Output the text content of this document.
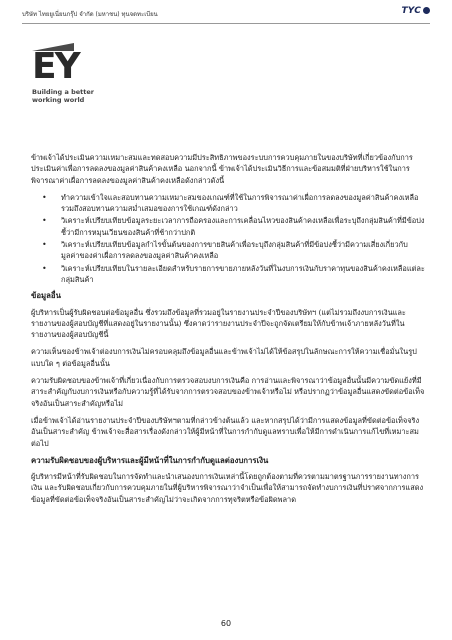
บริษัท ไทยยูเนี่ยนกรุ๊ป จำกัด (มหาชน) ทุนจดทะเบียน	TYC
EY
Building a better
working world

ข้าพเจ้าได้ประเมินความเหมาะสมและทดสอบความมีประสิทธิภาพของระบบการควบคุมภายในของบริษัทที่เกี่ยวข้องกับการประเมินค่าเพื่อการลดลงของมูลค่าสินค้าคงเหลือ นอกจากนี้ ข้าพเจ้าได้ประเมินวิธีการและข้อสมมติที่ฝ่ายบริหารใช้ในการพิจารณาค่าเผื่อการลดลงของมูลค่าสินค้าคงเหลือดังกล่าวดังนี้

• ทำความเข้าใจและสอบทานความเหมาะสมของเกณฑ์ที่ใช้ในการพิจารณาค่าเผื่อการลดลงของมูลค่าสินค้าคงเหลือ รวมถึงสอบทานความสม่ำเสมอของการใช้เกณฑ์ดังกล่าว
• วิเคราะห์เปรียบเทียบข้อมูลระยะเวลาการถือครองและการเคลื่อนไหวของสินค้าคงเหลือเพื่อระบุถึงกลุ่มสินค้าที่มีข้อบ่งชี้ว่ามีการหมุนเวียนของสินค้าที่ช้ากว่าปกติ
• วิเคราะห์เปรียบเทียบข้อมูลกำไรขั้นต้นของการขายสินค้าเพื่อระบุถึงกลุ่มสินค้าที่มีข้อบ่งชี้ว่ามีความเสี่ยงเกี่ยวกับมูลค่าของค่าเผื่อการลดลงของมูลค่าสินค้าคงเหลือ
• วิเคราะห์เปรียบเทียบในรายละเอียดสำหรับรายการขายภายหลังวันที่ในงบการเงินกับราคาทุนของสินค้าคงเหลือแต่ละกลุ่มสินค้า
ข้อมูลอื่น

ผู้บริหารเป็นผู้รับผิดชอบต่อข้อมูลอื่น ซึ่งรวมถึงข้อมูลที่รวมอยู่ในรายงานประจำปีของบริษัทฯ (แต่ไม่รวมถึงงบการเงินและรายงานของผู้สอบบัญชีที่แสดงอยู่ในรายงานนั้น) ซึ่งคาดว่ารายงานประจำปีจะถูกจัดเตรียมให้กับข้าพเจ้าภายหลังวันที่ในรายงานของผู้สอบบัญชีนี้

ความเห็นของข้าพเจ้าต่องบการเงินไม่ครอบคลุมถึงข้อมูลอื่นและข้าพเจ้าไม่ได้ให้ข้อสรุปในลักษณะการให้ความเชื่อมั่นในรูปแบบใด ๆ ต่อข้อมูลอื่นนั้น

ความรับผิดชอบของข้าพเจ้าที่เกี่ยวเนื่องกับการตรวจสอบงบการเงินคือ การอ่านและพิจารณาว่าข้อมูลอื่นนั้นมีความขัดแย้งที่มีสาระสำคัญกับงบการเงินหรือกับความรู้ที่ได้รับจากการตรวจสอบของข้าพเจ้าหรือไม่ หรือปรากฏว่าข้อมูลอื่นแสดงขัดต่อข้อเท็จจริงอันเป็นสาระสำคัญหรือไม่

เมื่อข้าพเจ้าได้อ่านรายงานประจำปีของบริษัทฯตามที่กล่าวข้างต้นแล้ว และหากสรุปได้ว่ามีการแสดงข้อมูลที่ขัดต่อข้อเท็จจริงอันเป็นสาระสำคัญ ข้าพเจ้าจะสื่อสารเรื่องดังกล่าวให้ผู้มีหน้าที่ในการกำกับดูแลทราบเพื่อให้มีการดำเนินการแก้ไขที่เหมาะสมต่อไป

ความรับผิดชอบของผู้บริหารและผู้มีหน้าที่ในการกำกับดูแลต่องบการเงิน

ผู้บริหารมีหน้าที่รับผิดชอบในการจัดทำและนำเสนองบการเงินเหล่านี้โดยถูกต้องตามที่ควรตามมาตรฐานการรายงานทางการเงิน และรับผิดชอบเกี่ยวกับการควบคุมภายในที่ผู้บริหารพิจารณาว่าจำเป็นเพื่อให้สามารถจัดทำงบการเงินที่ปราศจากการแสดงข้อมูลที่ขัดต่อข้อเท็จจริงอันเป็นสาระสำคัญไม่ว่าจะเกิดจากการทุจริตหรือข้อผิดพลาด

60
